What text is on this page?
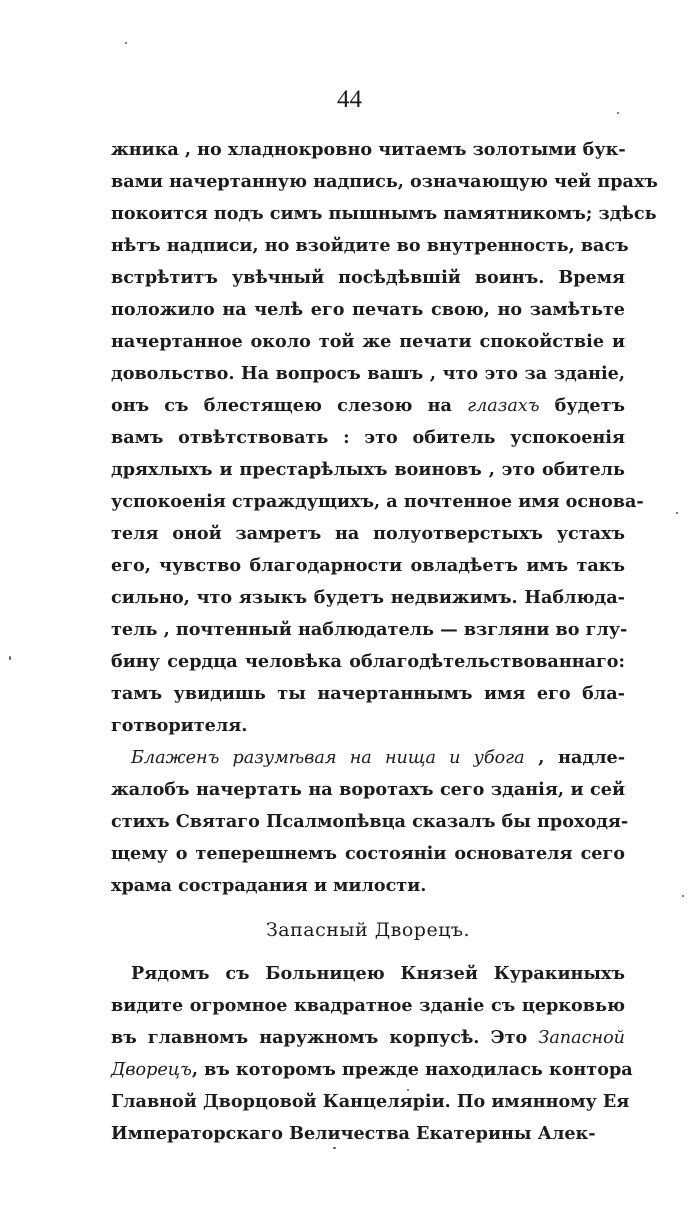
44
жника , но хладнокровно читаемъ золотыми бук-
вами начертанную надпись, означающую чей прахъ
покоится подъ симъ пышнымъ памятникомъ; здѣсь
нѣтъ надписи, но взойдите во внутренность, васъ
встрѣтитъ увѣчный посѣдѣвшій воинъ. Время
положило на челѣ его печать свою, но замѣтьте
начертанное около той же печати спокойствіе и
довольство. На вопросъ вашъ , что это за зданіе,
онъ съ блестящею слезою на глазахъ будетъ
вамъ отвѣтствовать : это обитель успокоенія
дряхлыхъ и престарѣлыхъ воиновъ , это обитель
успокоенія страждущихъ, а почтенное имя основа-
теля оной замретъ на полуотверстыхъ устахъ
его, чувство благодарности овладѣетъ имъ такъ
сильно, что языкъ будетъ недвижимъ. Наблюда-
тель , почтенный наблюдатель — взгляни во глу-
бину сердца человѣка облагодѣтельствованнаго:
тамъ увидишь ты начертаннымъ имя его бла-
готворителя.
Блаженъ разумѣвая на нища и убога , надле-
жалобъ начертать на воротахъ сего зданія, и сей
стихъ Святаго Псалмопѣвца сказалъ бы проходя-
щему о теперешнемъ состояніи основателя сего
храма сострадания и милости.
Запасный Дворецъ.
Рядомъ съ Больницею Князей Куракиныхъ
видите огромное квадратное зданіе съ церковью
въ главномъ наружномъ корпусѣ. Это Запасной
Дворецъ, въ которомъ прежде находилась контора
Главной Дворцовой Канцеляріи. По имянному Ея
Императорскаго Величества Екатерины Алек-
